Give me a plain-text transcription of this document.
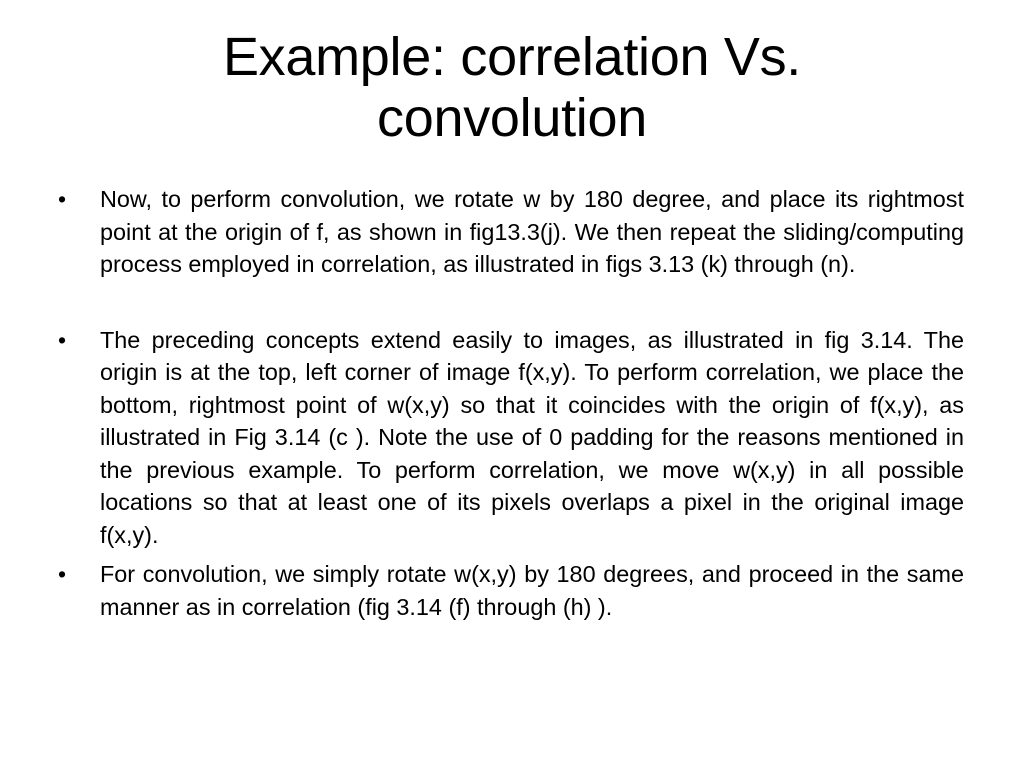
Example: correlation Vs.
convolution
•	Now, to perform convolution, we rotate w by 180 degree, and place its rightmost point at the origin of f, as shown in fig13.3(j). We then repeat the sliding/computing process employed in correlation, as illustrated in figs 3.13 (k) through (n).
•	The preceding concepts extend easily to images, as illustrated in fig 3.14. The origin is at the top, left corner of image f(x,y). To perform correlation, we place the bottom, rightmost point of w(x,y) so that it coincides with the origin of f(x,y), as illustrated in Fig 3.14 (c ). Note the use of 0 padding for the reasons mentioned in the previous example. To perform correlation, we move w(x,y) in all possible locations so that at least one of its pixels overlaps a pixel in the original image f(x,y).
•	For convolution, we simply rotate w(x,y) by 180 degrees, and proceed in the same manner as in correlation (fig 3.14 (f) through (h) ).
